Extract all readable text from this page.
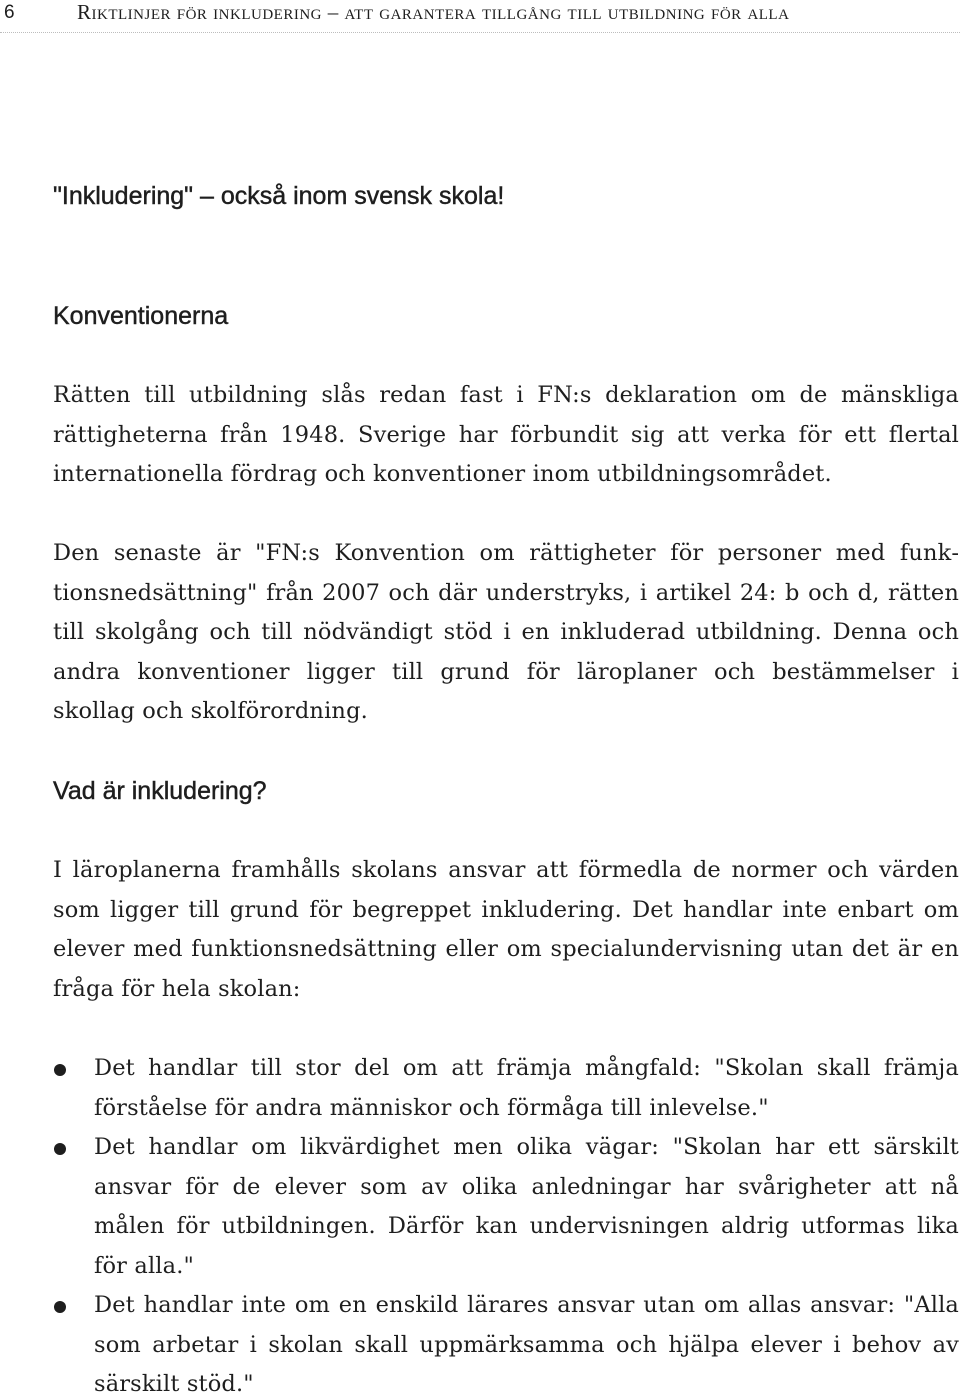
6	Riktlinjer för inkludering – att garantera tillgång till utbildning för alla
"Inkludering" – också inom svensk skola!
Konventionerna

Rätten till utbildning slås redan fast i FN:s deklaration om de mänskliga rättigheterna från 1948. Sverige har förbundit sig att verka för ett flertal internationella fördrag och konventioner inom utbildningsområdet.

Den senaste är "FN:s Konvention om rättigheter för personer med funktionsnedsättning" från 2007 och där understryks, i artikel 24: b och d, rätten till skolgång och till nödvändigt stöd i en inkluderad utbildning. Denna och andra konventioner ligger till grund för läroplaner och bestämmelser i skollag och skolförordning.

Vad är inkludering?

I läroplanerna framhålls skolans ansvar att förmedla de normer och värden som ligger till grund för begreppet inkludering. Det handlar inte enbart om elever med funktionsnedsättning eller om specialundervisning utan det är en fråga för hela skolan:

Det handlar till stor del om att främja mångfald: "Skolan skall främja förståelse för andra människor och förmåga till inlevelse."
Det handlar om likvärdighet men olika vägar: "Skolan har ett särskilt ansvar för de elever som av olika anledningar har svårigheter att nå målen för utbildningen. Därför kan undervisningen aldrig utformas lika för alla."
Det handlar inte om en enskild lärares ansvar utan om allas ansvar: "Alla som arbetar i skolan skall uppmärksamma och hjälpa elever i behov av särskilt stöd."
